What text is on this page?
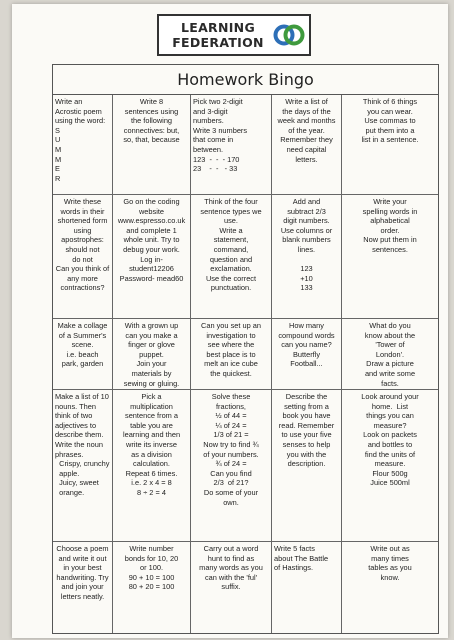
LEARNING
FEDERATION
Homework Bingo
Write an
Acrostic poem
using the word:
S
U
M
M
E
R
Write 8
sentences using
the following
connectives: but,
so, that, because
Pick two 2-digit
and 3-digit
numbers.
Write 3 numbers
that come in
between.
123  -  -  - 170
23    -  -   - 33
Write a list of
the days of the
week and months
of the year.
Remember they
need capital
letters.
Think of 6 things
you can wear.
Use commas to
put them into a
list in a sentence.
Write these
words in their
shortened form
using
apostrophes:
should not
do not
Can you think of
any more
contractions?
Go on the coding
website
www.espresso.co.uk
and complete 1
whole unit. Try to
debug your work.
Log in-
student12206
Password- mead60
Think of the four
sentence types we
use.
Write a
statement,
command,
question and
exclamation.
Use the correct
punctuation.
Add and
subtract 2/3
digit numbers.
Use columns or
blank numbers
lines.

123
+10
133
Write your
spelling words in
alphabetical
order.
Now put them in
sentences.
Make a collage
of a Summer's
scene.
i.e. beach
park, garden
With a grown up
can you make a
finger or glove
puppet.
Join your
materials by
sewing or gluing.
Can you set up an
investigation to
see where the
best place is to
melt an ice cube
the quickest.
How many
compound words
can you name?
Butterfly
Football...
What do you
know about the
'Tower of
London'.
Draw a picture
and write some
facts.
Make a list of 10
nouns. Then
think of two
adjectives to
describe them.
Write the noun
phrases.
Crispy, crunchy
apple.
Juicy, sweet
orange.
Pick a
multiplication
sentence from a
table you are
learning and then
write its inverse
as a division
calculation.
Repeat 6 times.
i.e. 2 x 4 = 8
8 ÷ 2 = 4
Solve these
fractions,
½ of 44 =
¼ of 24 =
1/3 of 21 =
Now try to find ¾
of your numbers.
¾ of 24 =
Can you find
2/3  of 21?
Do some of your
own.
Describe the
setting from a
book you have
read. Remember
to use your five
senses to help
you with the
description.
Look around your
home.  List
things you can
measure?
Look on packets
and bottles to
find the units of
measure.
Flour 500g
Juice 500ml
Choose a poem
and write it out
in your best
handwriting. Try
and join your
letters neatly.
Write number
bonds for 10, 20
or 100.
90 + 10 = 100
80 + 20 = 100
Carry out a word
hunt to find as
many words as you
can with the 'ful'
suffix.
Write 5 facts
about The Battle
of Hastings.
Write out as
many times
tables as you
know.
